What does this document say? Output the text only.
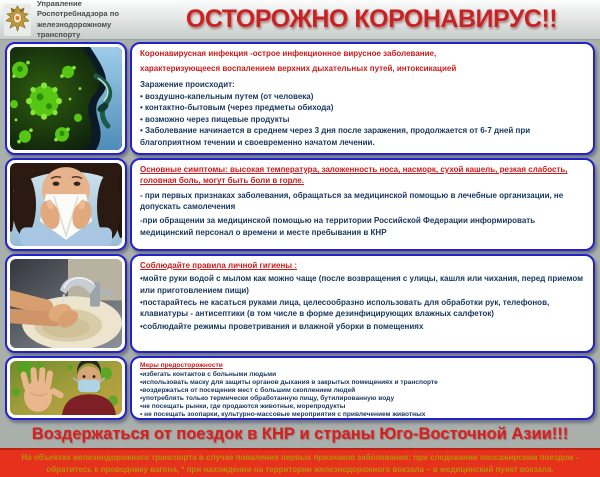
Управление Роспотребнадзора по железнодорожному транспорту
ОСТОРОЖНО КОРОНАВИРУС!!
Коронавирусная инфекция -острое инфекционное вирусное заболевание,
характеризующееся воспалением верхних дыхательных путей, интоксикацией
Заражение происходит:
• воздушно-капельным путем (от человека)
• контактно-бытовым (через предметы обихода)
• возможно через пищевые продукты
• Заболевание начинается в среднем через 3 дня после заражения, продолжается от 6-7 дней при благоприятном течении и своевременно начатом лечении.
Основные симптомы: высокая температура, заложенность носа, насморк, сухой кашель, резкая слабость, головная боль, могут быть боли в горле.
- при первых признаках заболевания, обращаться за медицинской помощью в лечебные организации, не допускать самолечения
-при обращении за медицинской помощью на территории Российской Федерации информировать медицинский персонал о времени и месте пребывания в КНР
Соблюдайте правила личной гигиены :
•мойте руки водой с мылом как можно чаще (после возвращения с улицы, кашля или чихания, перед приемом или приготовлением пищи)
•постарайтесь не касаться руками лица, целесообразно использовать для обработки рук, телефонов, клавиатуры - антисептики (в том числе в форме дезинфицирующих влажных салфеток)
•соблюдайте режимы проветривания и влажной уборки в помещениях
Меры предосторожности
•избегать контактов с больными людьми
•использовать маску для защиты органов дыхания в закрытых помещениях и транспорте
•воздержаться от посещения мест с большим скоплением людей
•употреблять только термически обработанную пищу, бутилированную воду
•не посещать рынки, где продаются животные, морепродукты
• не посещать зоопарки, культурно-массовые мероприятия с привлечением животных
Воздержаться от поездок в КНР и страны Юго-Восточной Азии!!!
На объектах железнодорожного транспорта в случае появления первых признаков заболевания: при следовании пассажирским поездом - обратитесь к проводнику вагона, * при нахождении на территории железнодорожного вокзала – в медицинский пункт вокзала.
